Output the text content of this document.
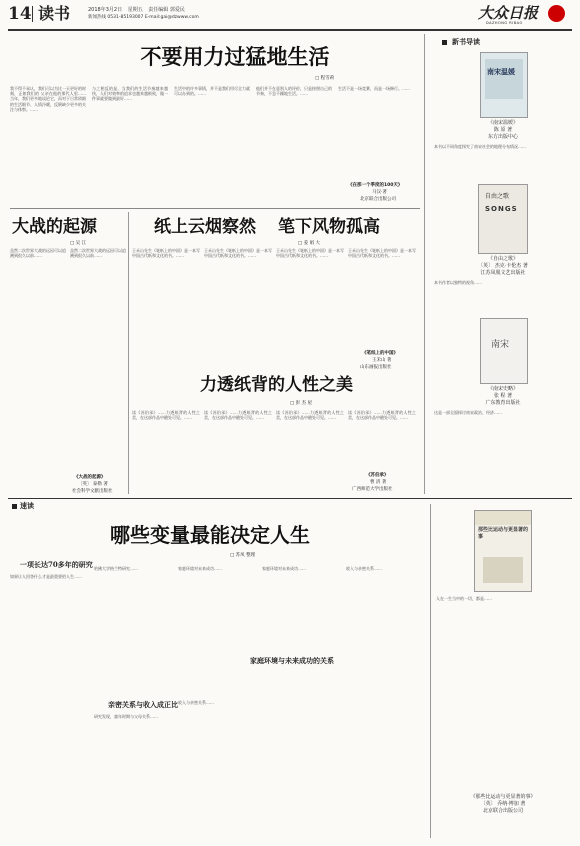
14 读书	2018年3月2日 星期五 责任编辑 郭爱民
新闻热线 0531-85193007 E-mail:gai@dzwww.com	大众日报
DAZHONG RIBAO
不要用力过猛地生活
□ 程雪莉
我不得不承认，我们可以为比一天更好的时刻，正如我们的 父亲在他的那代人里……当年，我们更多地谈论它，而对于日常琐细的生活细节、人情冷暖，反倒缺少更多的关注与体察。……
与之相反的是，当我们的生活节奏越来越快，人们对效率的追求也越来越极致，做一件事就要做到最好……
生活中的许多事情，并不是我们用尽全力就可以办到的。……
他们并不在意别人的评价，只是按照自己的节奏，不急不躁地生活。……
生活不是一场竞赛，而是一场修行。……
《在那一个季度的100天》
马汉·著
北京联合出版公司
大战的起源
□ 吴 江
虽然二次世界大战的远因可以追溯到很久以前……
虽然二次世界大战的远因可以追溯到很久以前……
《大战的起源》
〔英〕 泰勒 著
社会科学文献出版社
纸上云烟察然 笔下风物孤高
□ 姜 娟 大
王禾山先生《笔纸上的中国》是一本写中国古代纸和文化的书。……
王禾山先生《笔纸上的中国》是一本写中国古代纸和文化的书。……
王禾山先生《笔纸上的中国》是一本写中国古代纸和文化的书。……
王禾山先生《笔纸上的中国》是一本写中国古代纸和文化的书。……
《笔纸上的中国》
王禾山 著
山东画报出版社
力透纸背的人性之美
□ 彭 杰 屋
读《苏伯承》……力透纸背的人性之美，在这部作品中随处可见。……
读《苏伯承》……力透纸背的人性之美，在这部作品中随处可见。……
读《苏伯承》……力透纸背的人性之美，在这部作品中随处可见。……
读《苏伯承》……力透纸背的人性之美，在这部作品中随处可见。……
《苏伯承》
曹 清 著
广西师范大学出版社
新书导读
南宋温媛
《南宋温媛》
陈 原 著
东方出版中心
本书以不同角度探究了南宋社会的地理分布情况……
自由之歌
SONGS
《自由之歌》
〔英〕 杰克·卡伦杰 著
江苏凤凰文艺出版社
本书作者以独特的视角……
南宋
《南宋史略》
张 程 著
广东教育出版社
这是一部全面探讨南宋政治、经济……
速读
哪些变量最能决定人生
□ 苏凤 整理
一项长达70多年的研究
如果让人回答什么才是最重要的人生……
哈佛大学格兰特研究……
亲密关系与收入成正比
研究发现，童年时期与父母关系……
家庭环境对未来成功……
家庭环境与未来成功的关系
收入与亲密关系……
家庭环境对未来成功……	收入与亲密关系……
那些比运动与更显著的事
人在一生当中的一切，都是……
《那些比运动与更显著的事》
〔英〕 乔纳·博加 著
北京联合出版公司
